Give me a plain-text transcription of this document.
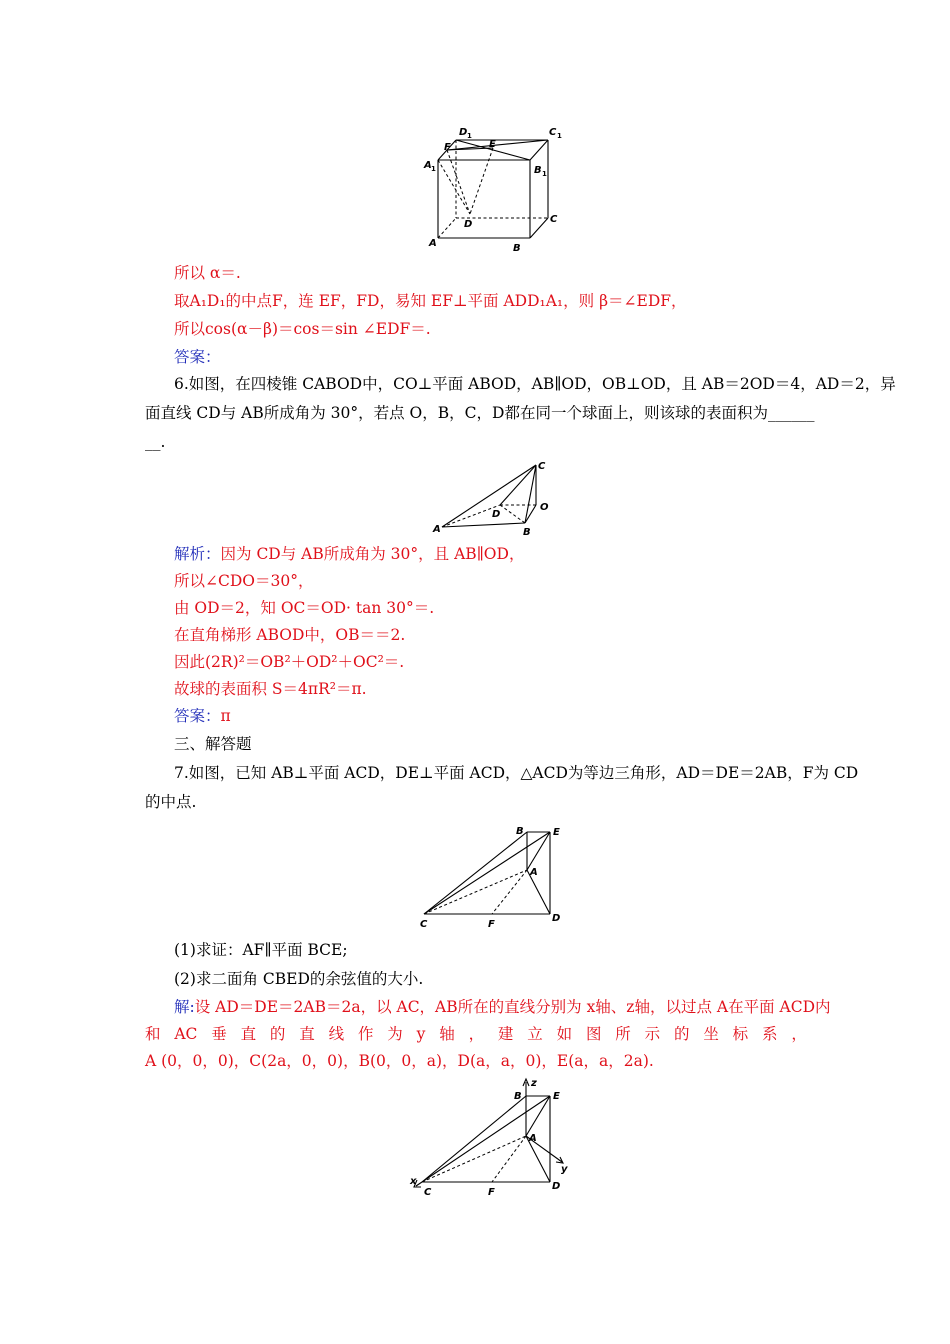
D 1	C 1
F	E
A 1	B 1
D	C
A	B
所以 α＝.
取A₁D₁的中点F，连 EF，FD，易知 EF⊥平面 ADD₁A₁，则 β＝∠EDF，
所以cos(α－β)＝cos＝sin ∠EDF＝.
答案：
6.如图，在四棱锥 CABOD中，CO⊥平面 ABOD，AB∥OD，OB⊥OD，且 AB＝2OD＝4，AD＝2，异
面直线 CD与 AB所成角为 30°，若点 O，B，C，D都在同一个球面上，则该球的表面积为______
__.
C
O
D
A	B
解析：因为 CD与 AB所成角为 30°，且 AB∥OD，
所以∠CDO＝30°，
由 OD＝2，知 OC＝OD· tan 30°＝.
在直角梯形 ABOD中，OB＝＝2.
因此(2R)²＝OB²＋OD²＋OC²＝.
故球的表面积 S＝4πR²＝π.
答案：π
三、解答题
7.如图，已知 AB⊥平面 ACD，DE⊥平面 ACD，△ACD为等边三角形，AD＝DE＝2AB，F为 CD
的中点.
B	E
A
C	F
D
(1)求证：AF∥平面 BCE;
(2)求二面角 CBED的余弦值的大小.
解:设 AD＝DE＝2AB＝2a，以 AC，AB所在的直线分别为 x轴、z轴，以过点 A在平面 ACD内
和 AC 垂 直 的 直 线 作 为 y 轴 ， 建 立 如 图 所 示 的 坐 标 系 ，
A (0，0，0)，C(2a，0，0)，B(0，0，a)，D(a，a，0)，E(a，a，2a).
z
B	E
A
y
x
C	F
D
